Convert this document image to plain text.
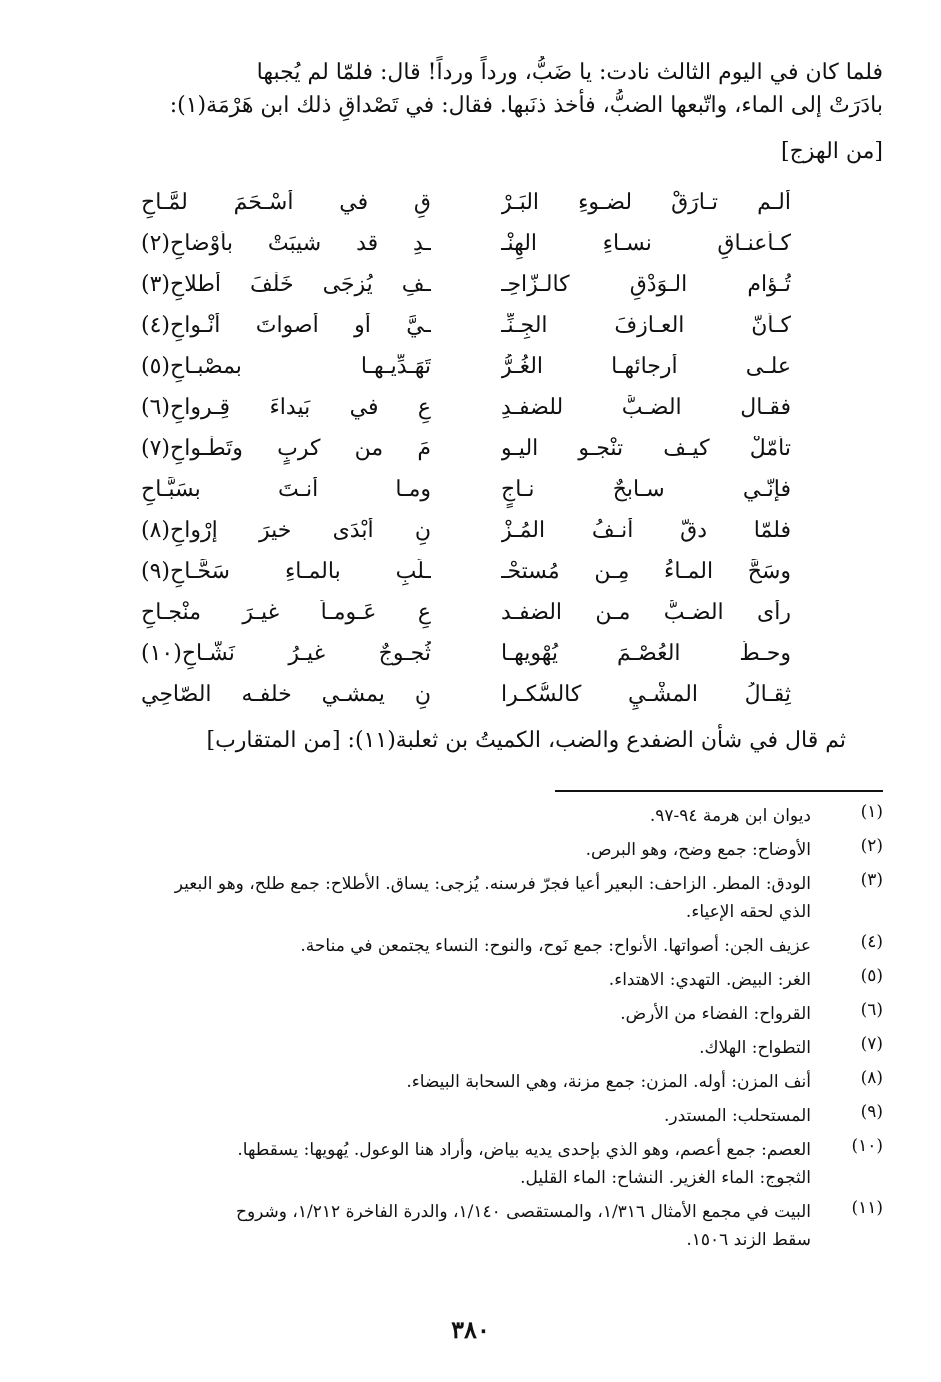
فلما كان في اليوم الثالث نادت: يا ضَبُّ، ورداً ورداً! قال: فلمّا لم يُجبها
بادَرَتْ إلى الماء، واتّبعها الضبُّ، فأخذ ذنَبها. فقال: في تَصْداقِ ذلك ابن هَرْمَة(١):
[من الهزج]
ألـم تـارَقْ لضـوءِ البَـرْ
قِ في أسْـحَمَ لمَّـاحِ
كـأعنـاقِ نسـاءِ الهِنْـ
ـدِ قد شيبَتْ بأوْضاحِ(٢)
تُـؤام الـوَدْقِ كالـزّاحِـ
ـفِ يُزجَى خَلْفَ أطلاحِ(٣)
كـأنّ العـازفَ الجِـنِّـ
ـيَّ أو أصواتَ أنْـواحِ(٤)
علـى أرجائهـا الغُـرُّ
تَهَـدِّيـهـا بمصْبـاحِ(٥)
فقـال الضـبُّ للضفـدِ
عِ في بَيداءَ قِـرواحِ(٦)
تأمّلْ كيـف تنْجـو اليـو
مَ من كربٍ وتَطْـواحِ(٧)
فإنّـي سـابحٌ نـاجٍ
ومـا أنـتَ بسَبَّـاحِ
فلمّا دقّ أنـفُ المُـزْ
نِ أبْدَى خيرَ إرْواحِ(٨)
وسَحَّ المـاءُ مِـن مُستحْـ
ـلَبِ بالمـاءِ سَحَّـاحِ(٩)
رأى الضـبُّ مـن الضفـد
عِ عَـومـاً غيـرَ منْجـاحِ
وحـطَّ العُصْـمَ يُهْويهـا
ثُجـوجٌ غيـرُ نَشّـاحِ(١٠)
ثِقـالُ المشْـيِ كالسُّكـرا
نِ يمشـي خلفـه الصّاحِي
ثم قال في شأن الضفدع والضب، الكميتُ بن ثعلبة(١١): [من المتقارب]
(١)
ديوان ابن هرمة ٩٤-٩٧.
(٢)
الأوضاح: جمع وضح، وهو البرص.
(٣)
الودق: المطر. الزاحف: البعير أعيا فجرّ فرسنه. يُزجى: يساق. الأطلاح: جمع طلح، وهو البعير
الذي لحقه الإعياء.
(٤)
عزيف الجن: أصواتها. الأنواح: جمع نَوح، والنوح: النساء يجتمعن في مناحة.
(٥)
الغر: البيض. التهدي: الاهتداء.
(٦)
القرواح: الفضاء من الأرض.
(٧)
التطواح: الهلاك.
(٨)
أنف المزن: أوله. المزن: جمع مزنة، وهي السحابة البيضاء.
(٩)
المستحلب: المستدر.
(١٠)
العصم: جمع أعصم، وهو الذي بإحدى يديه بياض، وأراد هنا الوعول. يُهويها: يسقطها.
الثجوج: الماء الغزير. النشاح: الماء القليل.
(١١)
البيت في مجمع الأمثال ١/٣١٦، والمستقصى ١/١٤٠، والدرة الفاخرة ١/٢١٢، وشروح
سقط الزند ١٥٠٦.
٣٨٠
